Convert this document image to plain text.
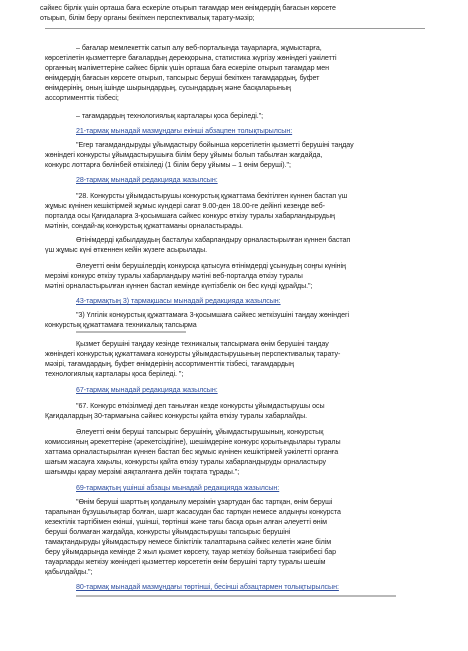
сәйкес бірлік үшін орташа баға ескеріле отырып тағамдар мен өнімдердің бағасын көрсете
отырып, білім беру органы бекіткен перспективалық тарату-мәзір;
– бағалар мемлекеттік сатып алу веб-порталында тауарларға, жұмыстарға,
көрсетілетін қызметтерге бағалардың дерекқорына, статистика жүргізу жөніндегі уәкілетті
органның мәліметтеріне сәйкес бірлік үшін орташа баға ескеріле отырып тағамдар мен
өнімдердің бағасын көрсете отырып, тапсырыс беруші бекіткен тағамдардың, буфет
өнімдерінің, оның ішінде шырындардың, сусындардың және басқаларының
ассортименттік тізбесі;
– тағамдардың технологиялық карталары қоса беріледі.";
21-тармақ мынадай мазмұндағы екінші абзацпен толықтырылсын:
"Егер тағамдандыруды ұйымдастыру бойынша көрсетілетін қызметті берушіні таңдау
жөніндегі конкурсты ұйымдастырушыға білім беру ұйымы болып табылған жағдайда,
конкурс лоттарға бөлінбей өткізіледі (1 білім беру ұйымы – 1 өнім беруші).";
28-тармақ мынадай редакцияда жазылсын:
"28. Конкурсты ұйымдастырушы конкурстық құжаттама бекітілген күннен бастап үш
жұмыс күнінен кешіктірмей жұмыс күндері сағат 9.00-ден 18.00-ге дейінгі кезеңде веб-
порталда осы Қағидаларға 3-қосымшаға сәйкес конкурс өткізу туралы хабарландырудың
мәтінін, сондай-ақ конкурстық құжаттаманы орналастырады.
Өтінімдерді қабылдаудың басталуы хабарландыру орналастырылған күннен бастап
үш жұмыс күні өткеннен кейін жүзеге асырылады.
Әлеуетті өнім берушілердің конкурсқа қатысуға өтінімдерді ұсынудың соңғы күнінің
мерзімі конкурс өткізу туралы хабарландыру мәтіні веб-порталда өткізу туралы
мәтіні орналастырылған күннен бастап кемінде күнтізбелік он бес күнді құрайды.";
43-тармақтың 3) тармақшасы мынадай редакцияда жазылсын:
"3) Үлгілік конкурстық құжаттамаға 3-қосымшаға сәйкес жеткізушіні таңдау жөніндегі
конкурстық құжаттамаға техникалық тапсырма
Қызмет берушіні таңдау кезінде техникалық тапсырмаға өнім берушіні таңдау
жөніндегі конкурстық құжаттамаға конкурсты ұйымдастырушының перспективалық тарату-
мәзірі, тағамдардың, буфет өнімдерінің ассортименттік тізбесі, тағамдардың
технологиялық карталары қоса беріледі. ";
67-тармақ мынадай редакцияда жазылсын:
"67. Конкурс өткізілмеді деп танылған кезде конкурсты ұйымдастырушы осы
Қағидалардың 30-тармағына сәйкес конкурсты қайта өткізу туралы хабарлайды.
Әлеуетті өнім беруші тапсырыс берушінің, ұйымдастырушының, конкурстық
комиссияның әрекеттеріне (әрекетсіздігіне), шешімдеріне конкурс қорытындылары туралы
хаттама орналастырылған күннен бастап бес жұмыс күнінен кешіктірмей уәкілетті органға
шағым жасауға хақылы, конкурсты қайта өткізу туралы хабарландыруды орналастыру
шағымды қарау мерзімі аяқталғанға дейін тоқтата тұрады.";
69-тармақтың үшінші абзацы мынадай редакцияда жазылсын:
"Өнім беруші шарттың қолданылу мерзімін ұзартудан бас тартқан, өнім беруші
тарапынан бұзушылықтар болған, шарт жасасудан бас тартқан немесе алдыңғы конкурста
кезектілік тәртібімен екінші, үшінші, төртінші және тағы басқа орын алған әлеуетті өнім
беруші болмаған жағдайда, конкурсты ұйымдастырушы тапсырыс берушіні
тамақтандыруды ұйымдастыру немесе біліктілік талаптарына сәйкес келетін және білім
беру ұйымдарында кемінде 2 жыл қызмет көрсету, тауар жеткізу бойынша тәжірибесі бар
тауарларды жеткізу жөніндегі қызметтер көрсететін өнім берушіні тарту туралы шешім
қабылдайды.";
80-тармақ мынадай мазмұндағы төртінші, бесінші абзацтармен толықтырылсын:
